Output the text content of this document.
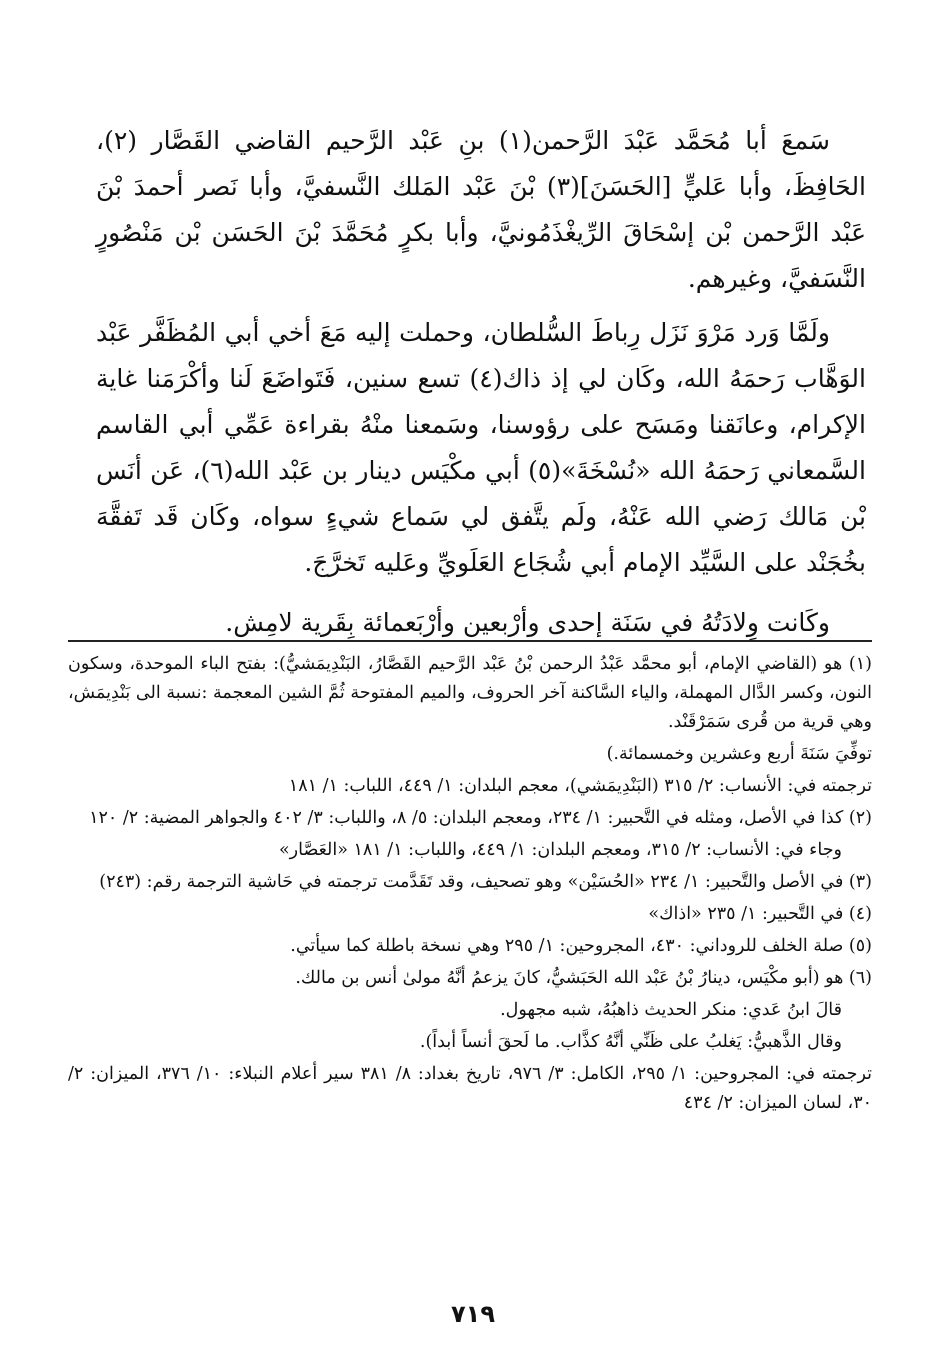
سَمعَ أبا مُحَمَّد عَبْدَ الرَّحمن(١) بنِ عَبْد الرَّحيم القاضي القَصَّار (٢)، الحَافِظَ، وأبا عَليٍّ [الحَسَنَ](٣) بْنَ عَبْد المَلك النَّسفيَّ، وأبا نَصر أحمدَ بْنَ عَبْد الرَّحمن بْن إسْحَاقَ الرِّيغْذَمُونيَّ، وأبا بكرٍ مُحَمَّدَ بْنَ الحَسَن بْن مَنْصُورٍ النَّسَفيَّ، وغيرهم.

ولَمَّا وَرد مَرْوَ نَزَل رِباطَ السُّلطان، وحملت إليه مَعَ أخي أبي المُظَفَّر عَبْد الوَهَّاب رَحمَهُ الله، وكَان لي إذ ذاك(٤) تسع سنين، فَتَواضَعَ لَنا وأكْرَمَنا غاية الإكرام، وعانَقنا ومَسَح على رؤوسنا، وسَمعنا منْهُ بقراءة عَمِّي أبي القاسم السَّمعاني رَحمَهُ الله «نُسْخَةَ»(٥) أبي مكْيَس دينار بن عَبْد الله(٦)، عَن أنَس بْن مَالك رَضي الله عَنْهُ، ولَم يتَّفق لي سَماع شيءٍ سواه، وكَان قَد تَفقَّهَ بخُجَنْد على السَّيِّد الإمام أبي شُجَاع العَلَويِّ وعَليه تَخرَّجَ.

وكَانت وِلادَتُهُ في سَنَة إحدى وأرْبعين وأرْبَعمائة بِقَرية لامِش.

(١) هو (القاضي الإمام، أبو محمَّد عَبْدُ الرحمن بْنُ عَبْد الرَّحيم القَصَّارُ، البَنْدِيمَشيُّ): بفتح الباء الموحدة، وسكون النون، وكسر الدَّال المهملة، والياء السَّاكنة آخر الحروف، والميم المفتوحة ثُمَّ الشين المعجمة :نسبة الى بَنْدِيمَش، وهي قرية من قُرى سَمَرْقَنْد.

توفِّيَ سَنَةَ أربع وعشرين وخمسمائة.)

ترجمته في: الأنساب: ٢/ ٣١٥ (البَنْدِيمَشي)، معجم البلدان: ١/ ٤٤٩، اللباب: ١/ ١٨١

(٢) كذا في الأصل، ومثله في التَّحبير: ١/ ٢٣٤، ومعجم البلدان: ٥/ ٨، واللباب: ٣/ ٤٠٢ والجواهر المضية: ٢/ ١٢٠

وجاء في: الأنساب: ٢/ ٣١٥، ومعجم البلدان: ١/ ٤٤٩، واللباب: ١/ ١٨١ «العَصَّار»

(٣) في الأصل والتَّحبير: ١/ ٢٣٤ «الحُسَيْن» وهو تصحيف، وقد تَقَدَّمت ترجمته في حَاشية الترجمة رقم: (٢٤٣)

(٤) في التَّحبير: ١/ ٢٣٥ «اذاك»

(٥) صلة الخلف للروداني: ٤٣٠، المجروحين: ١/ ٢٩٥ وهي نسخة باطلة كما سيأتي.

(٦) هو (أبو مكْيَس، دينارُ بْنُ عَبْد الله الحَبَشيُّ، كانَ يزعمُ أنَّهُ مولىٰ أنس بن مالك.

قالَ ابنُ عَدي: منكر الحديث ذاهبُهُ، شبه مجهول.

وقال الذَّهبيُّ: يَغلبُ على ظَنِّي أنَّهُ كذَّاب. ما لَحقَ أنساً أبداً).

ترجمته في: المجروحين: ١/ ٢٩٥، الكامل: ٣/ ٩٧٦، تاريخ بغداد: ٨/ ٣٨١ سير أعلام النبلاء: ١٠/ ٣٧٦، الميزان: ٢/ ٣٠، لسان الميزان: ٢/ ٤٣٤

٧١٩
